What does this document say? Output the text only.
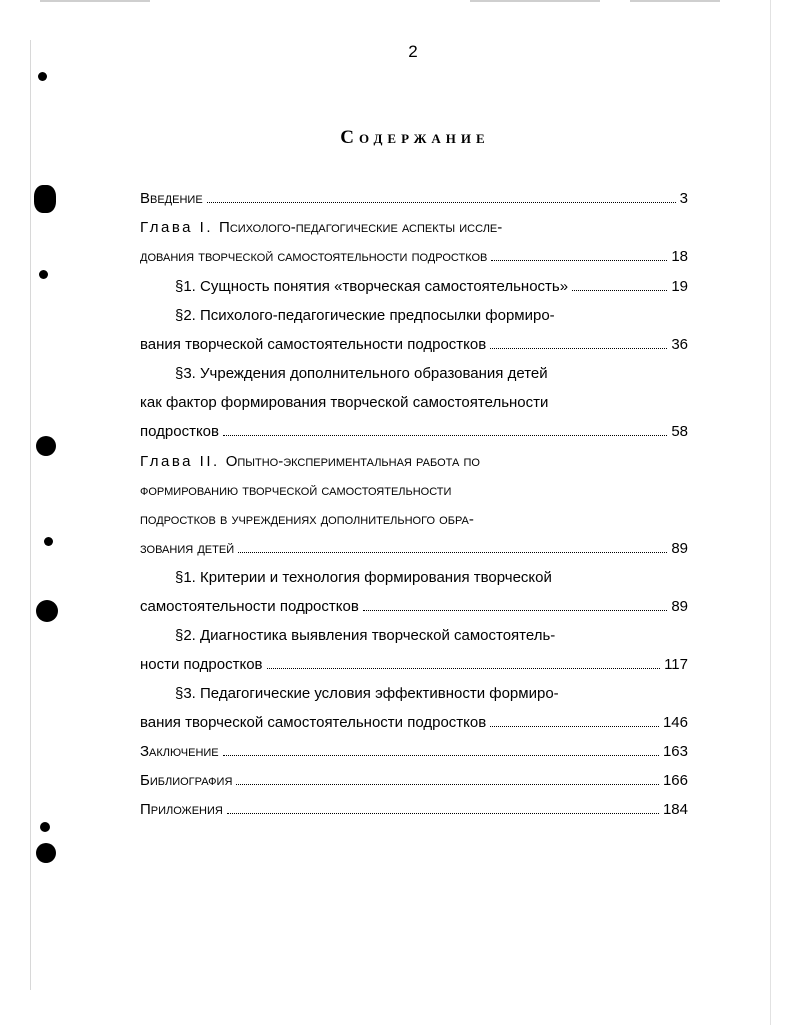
2
Содержание
Введение	3
Глава I. Психолого-педагогические аспекты иссле-
дования творческой самостоятельности подростков	18
§1. Сущность понятия «творческая самостоятельность»	19
§2. Психолого-педагогические предпосылки формиро-
вания творческой самостоятельности подростков	36
§3. Учреждения дополнительного образования детей
как фактор формирования творческой самостоятельности
подростков	58
Глава II. Опытно-экспериментальная работа по
формированию творческой самостоятельности
подростков в учреждениях дополнительного обра-
зования детей	89
§1. Критерии и технология формирования творческой
самостоятельности подростков	89
§2. Диагностика выявления творческой самостоятель-
ности подростков	117
§3. Педагогические условия эффективности формиро-
вания творческой самостоятельности подростков	146
Заключение	163
Библиография	166
Приложения	184
